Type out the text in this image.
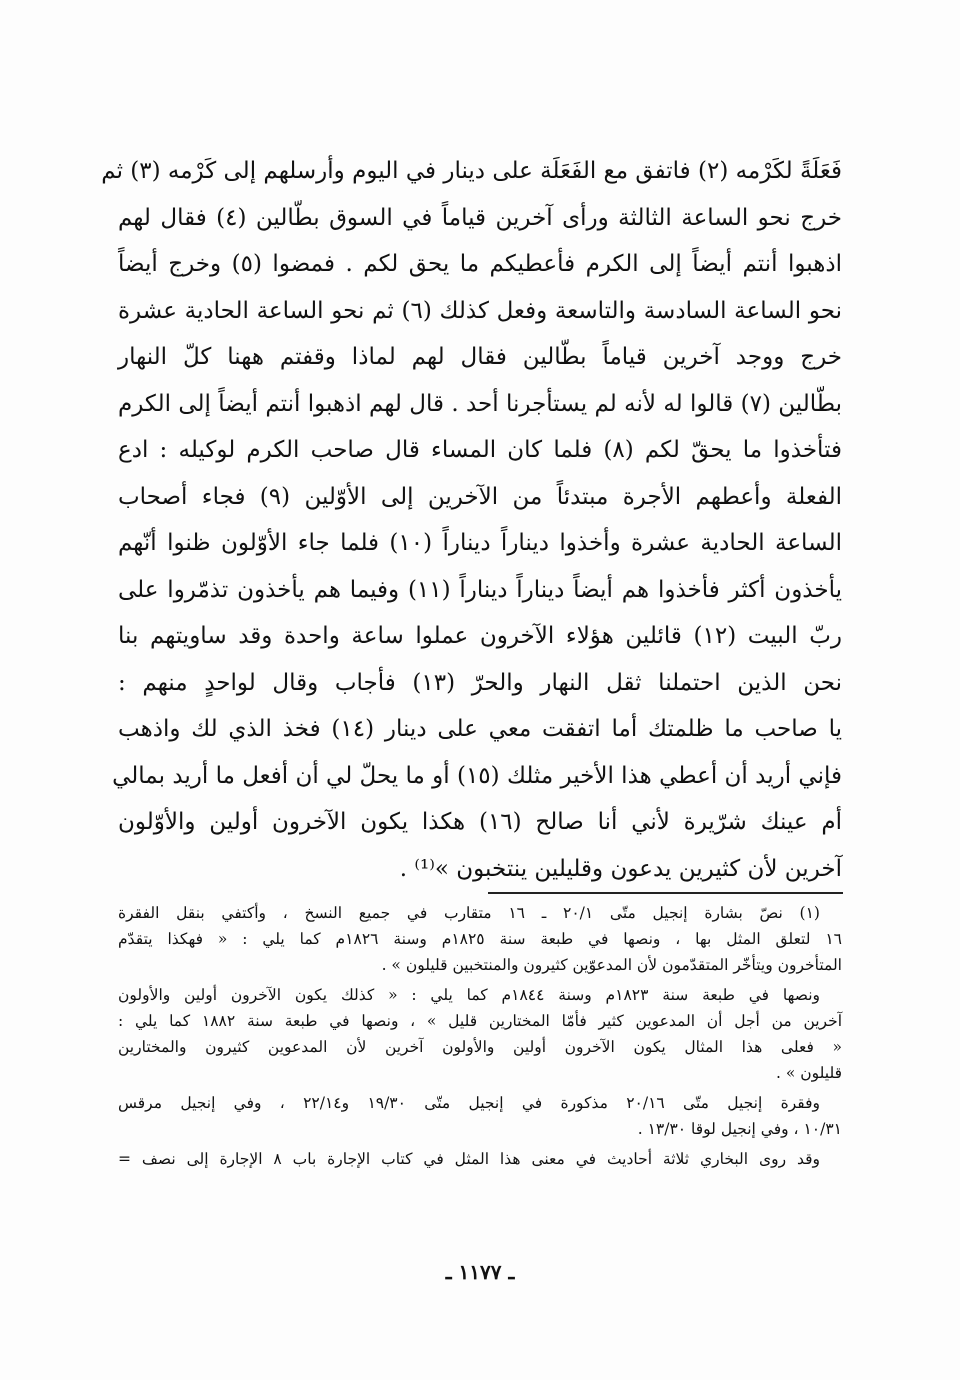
فَعَلَةً لكَرْمه (٢) فاتفق مع الفَعَلَة على دينار في اليوم وأرسلهم إلى كَرْمه (٣) ثم
خرج نحو الساعة الثالثة ورأى آخرين قياماً في السوق بطّالين (٤) فقال لهم
اذهبوا أنتم أيضاً إلى الكرم فأعطيكم ما يحق لكم . فمضوا (٥) وخرج أيضاً
نحو الساعة السادسة والتاسعة وفعل كذلك (٦) ثم نحو الساعة الحادية عشرة
خرج ووجد آخرين قياماً بطّالين فقال لهم لماذا وقفتم ههنا كلّ النهار
بطّالين (٧) قالوا له لأنه لم يستأجرنا أحد . قال لهم اذهبوا أنتم أيضاً إلى الكرم
فتأخذوا ما يحقّ لكم (٨) فلما كان المساء قال صاحب الكرم لوكيله : ادع
الفعلة وأعطهم الأجرة مبتدئاً من الآخرين إلى الأوّلين (٩) فجاء أصحاب
الساعة الحادية عشرة وأخذوا ديناراً ديناراً (١٠) فلما جاء الأوّلون ظنوا أنّهم
يأخذون أكثر فأخذوا هم أيضاً ديناراً ديناراً (١١) وفيما هم يأخذون تذمّروا على
ربّ البيت (١٢) قائلين هؤلاء الآخرون عملوا ساعة واحدة وقد ساويتهم بنا
نحن الذين احتملنا ثقل النهار والحرّ (١٣) فأجاب وقال لواحدٍ منهم :
يا صاحب ما ظلمتك أما اتفقت معي على دينار (١٤) فخذ الذي لك واذهب
فإني أريد أن أعطي هذا الأخير مثلك (١٥) أو ما يحلّ لي أن أفعل ما أريد بمالي
أم عينك شرّيرة لأني أنا صالح (١٦) هكذا يكون الآخرون أولين والأوّلون
آخرين لأن كثيرين يدعون وقليلين ينتخبون »⁽¹⁾ .
(١) نصّ بشارة إنجيل متّى ٢٠/١ ـ ١٦ متقارب في جميع النسخ ، وأكتفي بنقل الفقرة
١٦ لتعلق المثل بها ، ونصها في طبعة سنة ١٨٢٥م وسنة ١٨٢٦م كما يلي : « فهكذا يتقدّم
المتأخرون ويتأخّر المتقدّمون لأن المدعوّين كثيرون والمنتخبين قليلون » .
ونصها في طبعة سنة ١٨٢٣م وسنة ١٨٤٤م كما يلي : « كذلك يكون الآخرون أولين والأولون
آخرين من أجل أن المدعوين كثير فأمّا المختارين قليل » ، ونصها في طبعة سنة ١٨٨٢ كما يلي :
« فعلى هذا المثال يكون الآخرون أولين والأولون آخرين لأن المدعوين كثيرون والمختارين
قليلون » .
وفقرة إنجيل متّى ٢٠/١٦ مذكورة في إنجيل متّى ١٩/٣٠ و٢٢/١٤ ، وفي إنجيل مرقس
١٠/٣١ ، وفي إنجيل لوقا ١٣/٣٠ .
وقد روى البخاري ثلاثة أحاديث في معنى هذا المثل في كتاب الإجارة باب ٨ الإجارة إلى نصف =
ـ ١١٧٧ ـ
